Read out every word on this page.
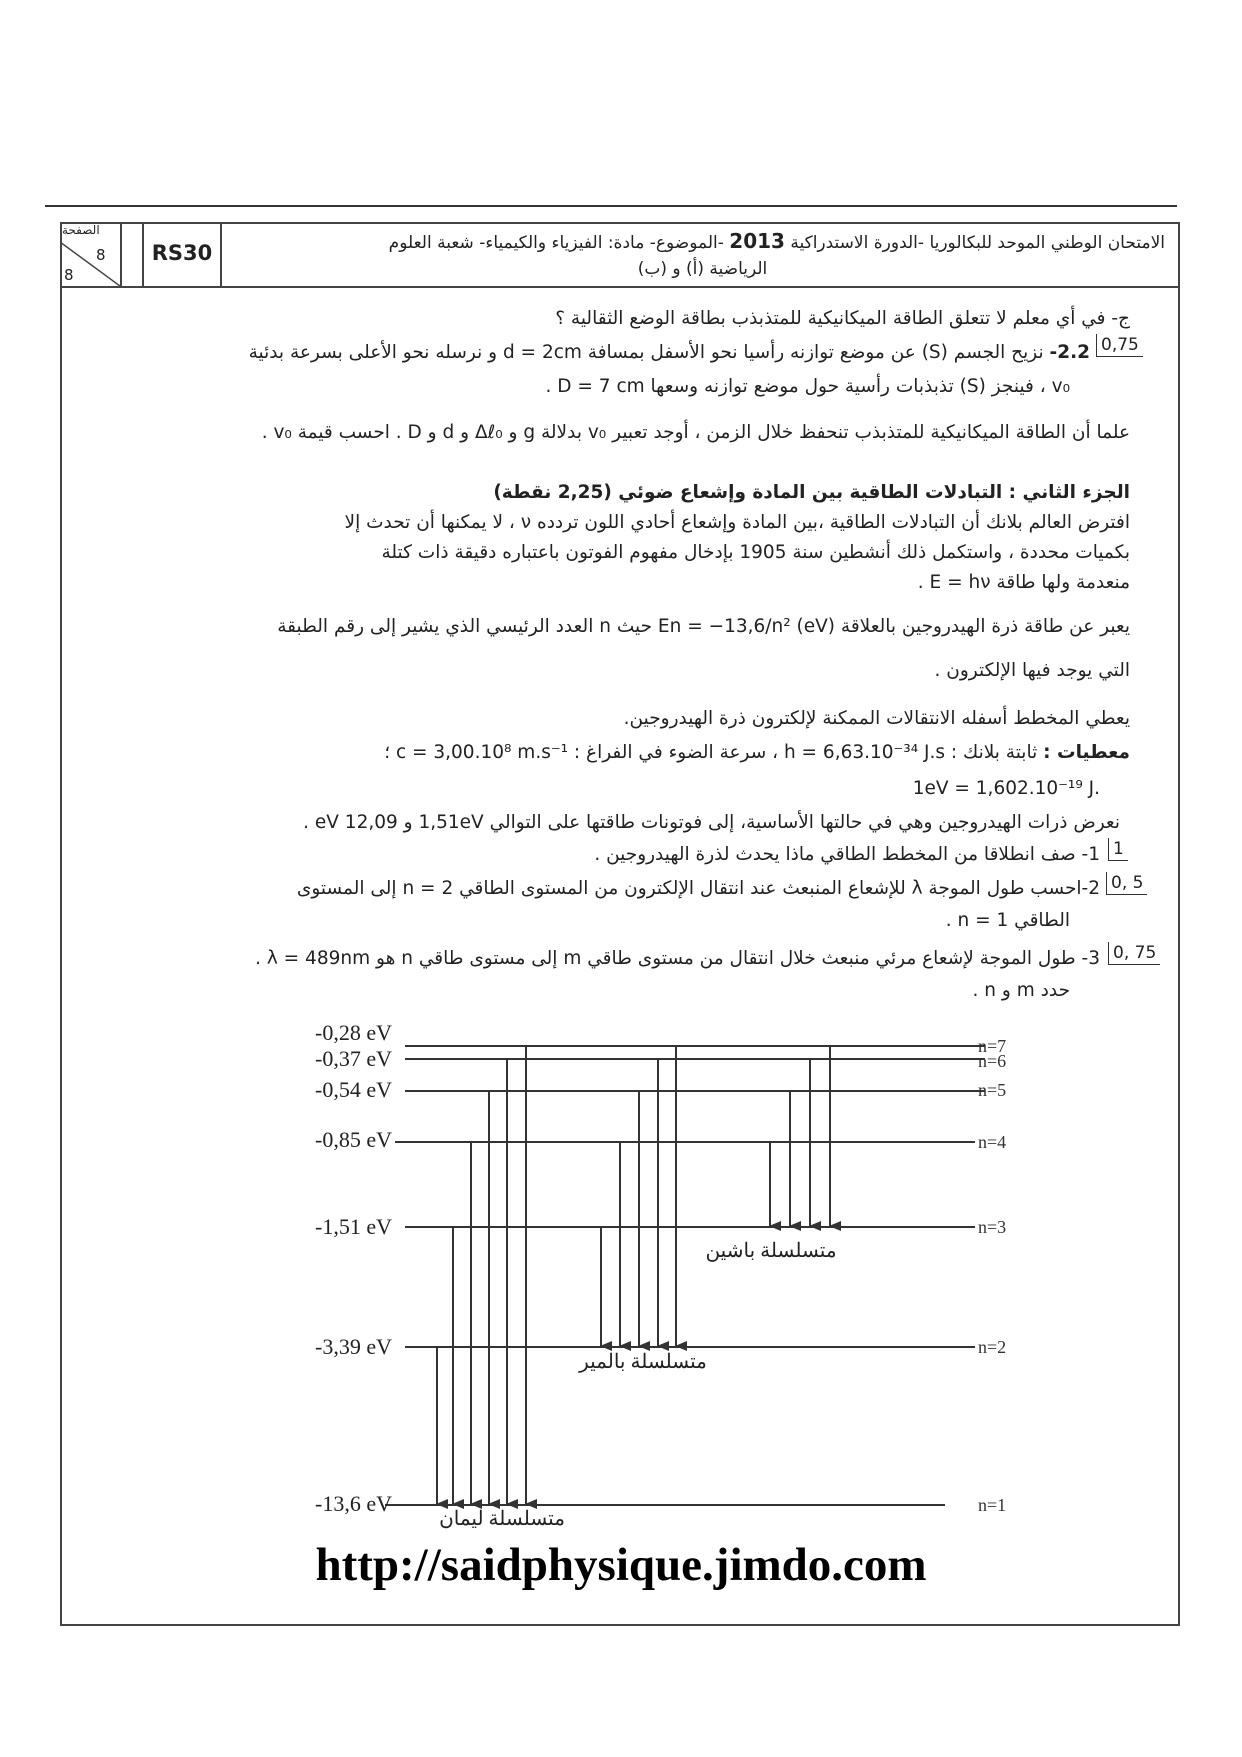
الصفحة
8
8
RS30	الامتحان الوطني الموحد للبكالوريا -الدورة الاستدراكية 2013 -الموضوع- مادة: الفيزياء والكيمياء- شعبة العلوم
الرياضية (أ) و (ب)
ج- في أي معلم لا تتعلق الطاقة الميكانيكية للمتذبذب بطاقة الوضع الثقالية ؟
0,75
2.2- نزيح الجسم (S) عن موضع توازنه رأسيا نحو الأسفل بمسافة d = 2cm و نرسله نحو الأعلى بسرعة بدئية
v₀ ، فينجز (S) تذبذبات رأسية حول موضع توازنه وسعها D = 7 cm .
علما أن الطاقة الميكانيكية للمتذبذب تنحفظ خلال الزمن ، أوجد تعبير v₀ بدلالة g و Δℓ₀ و d و D . احسب قيمة v₀ .
الجزء الثاني : التبادلات الطاقية بين المادة وإشعاع ضوئي (2,25 نقطة)
افترض العالم بلانك أن التبادلات الطاقية ،بين المادة وإشعاع أحادي اللون تردده ν ، لا يمكنها أن تحدث إلا
بكميات محددة ، واستكمل ذلك أنشطين سنة 1905 بإدخال مفهوم الفوتون باعتباره دقيقة ذات كتلة
منعدمة ولها طاقة E = hν .
يعبر عن طاقة ذرة الهيدروجين بالعلاقة En = −13,6/n² (eV) حيث n العدد الرئيسي الذي يشير إلى رقم الطبقة
التي يوجد فيها الإلكترون .
يعطي المخطط أسفله الانتقالات الممكنة لإلكترون ذرة الهيدروجين.
معطيات : ثابتة بلانك : h = 6,63.10⁻³⁴ J.s ، سرعة الضوء في الفراغ : c = 3,00.10⁸ m.s⁻¹ ؛
.1eV = 1,602.10⁻¹⁹ J
نعرض ذرات الهيدروجين وهي في حالتها الأساسية، إلى فوتونات طاقتها على التوالي 1,51eV و 12,09 eV .
1
1- صف انطلاقا من المخطط الطاقي ماذا يحدث لذرة الهيدروجين .
0, 5
2-احسب طول الموجة λ للإشعاع المنبعث عند انتقال الإلكترون من المستوى الطاقي n = 2 إلى المستوى
الطاقي n = 1 .
0, 75
3- طول الموجة لإشعاع مرئي منبعث خلال انتقال من مستوى طاقي m إلى مستوى طاقي n هو λ = 489nm .
حدد m و n .
-0,28 eV
n=7
-0,37 eV	n=6
-0,54 eV	n=5
-0,85 eV	n=4
-1,51 eV	n=3
-3,39 eV	n=2
-13,6 eV	n=1
متسلسلة ليمان
متسلسلة بالمير
متسلسلة باشين
http://saidphysique.jimdo.com
